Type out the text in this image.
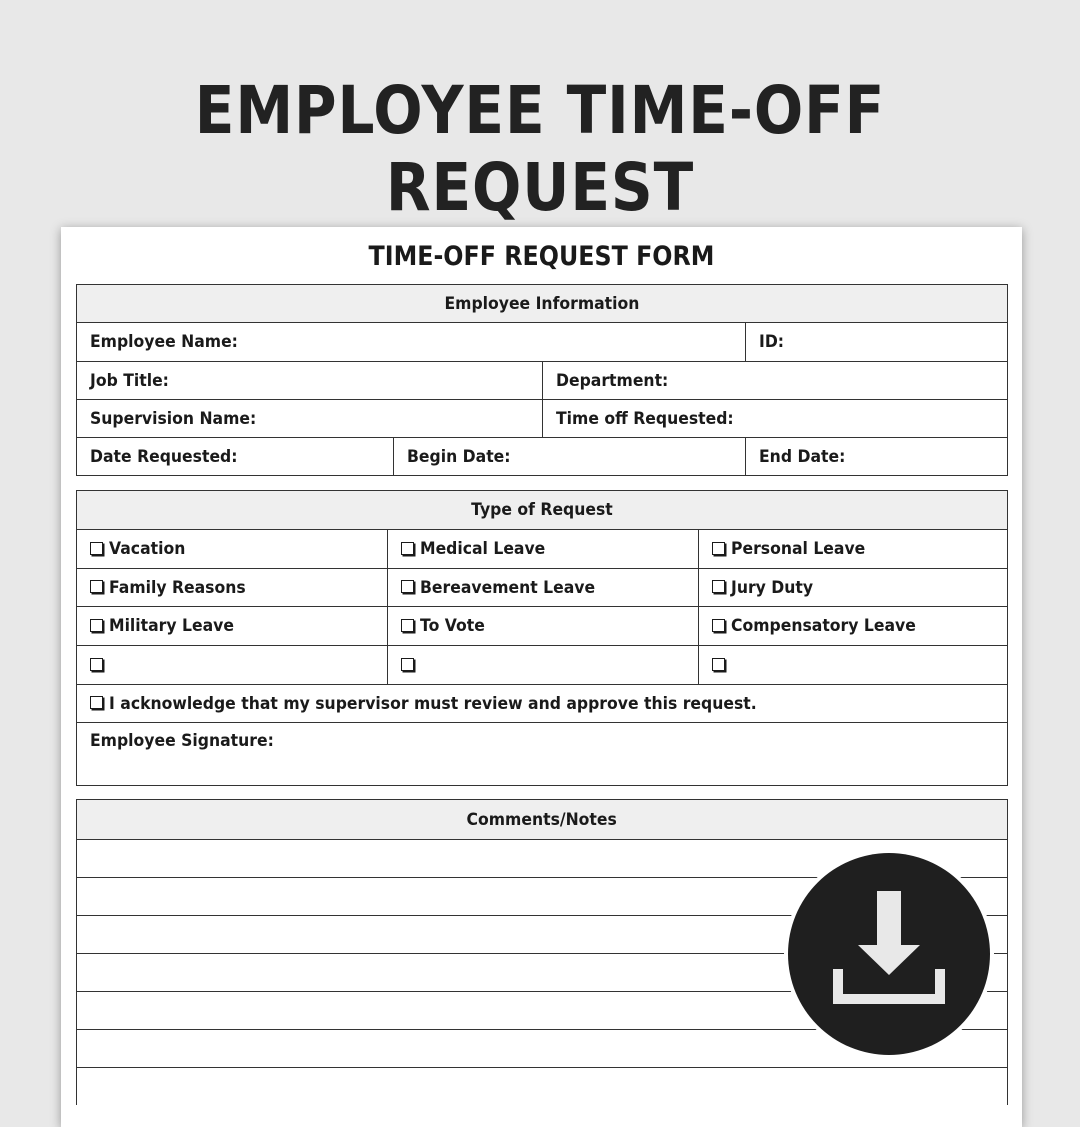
EMPLOYEE TIME-OFF REQUEST
TIME-OFF REQUEST FORM
Employee Information
Employee Name:	ID:
Job Title:	Department:
Supervision Name:	Time off Requested:
Date Requested:	Begin Date:	End Date:
Type of Request
Vacation	Medical Leave	Personal Leave
Family Reasons	Bereavement Leave	Jury Duty
Military Leave	To Vote	Compensatory Leave
I acknowledge that my supervisor must review and approve this request.
Employee Signature:
Comments/Notes
